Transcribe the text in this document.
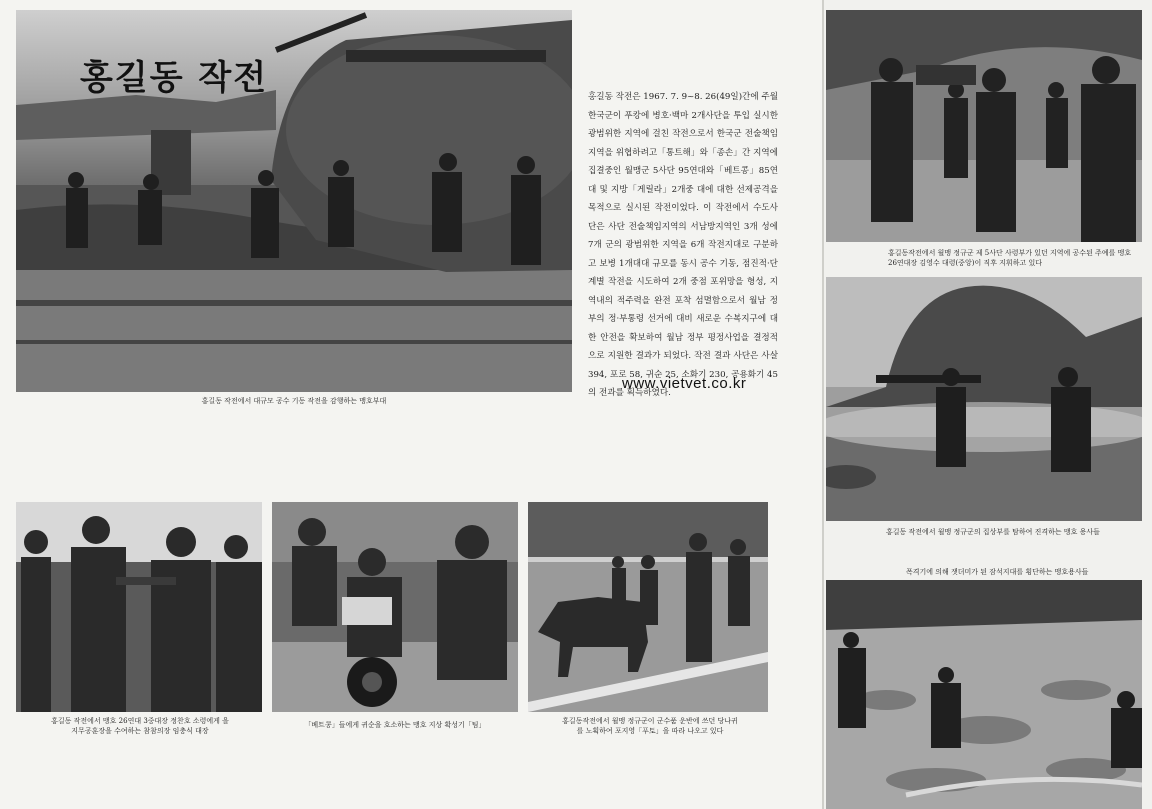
홍길동 작전
홍길동 작전에서 대규모 공수 기동 작전을 감행하는 맹호부대

홍길동 작전은 1967. 7. 9~8. 26(49일)간에 주월한국군이 푸캉에 병호·백마 2개사단을 투입 실시한 광범위한 지역에 걸친 작전으로서 한국군 전술책임지역을 위협하려고「통트해」와「종손」간 지역에 집결중인 월맹군 5사단 95연대와「베트콩」85연대 및 지방「게릴라」2개중 대에 대한 선제공격을 목적으로 실시된 작전이었다. 이 작전에서 수도사단은 사단 전술책임지역의 서남방지역인 3개 성에 7개 군의 광범위한 지역을 6개 작전지대로 구분하고 보병 1개대대 규모를 동시 공수 기동, 점진적·단계별 작전을 시도하여 2개 중점 포위망을 형성, 지역내의 적주력을 완전 포착 섬멸함으로서 월남 정부의 정·부통령 선거에 대비 새로운 수복지구에 대한 안전을 확보하여 월남 정부 평정사업을 결정적으로 지원한 결과가 되었다. 작전 결과 사단은 사살 394, 포로 58, 귀순 25, 소화기 230, 공용화기 45의 전과를 획득하였다.

www.vietvet.co.kr
홍길동 작전에서 맹호 26연대 3중대장 정찬호 소령에게 을지무공훈장을 수여하는 참참의장 임충식 대장
「베트콩」들에게 귀순을 호소하는 맹호 지상 확성기「팀」	홍길동작전에서 월맹 정규군이 군수품 운반에 쓰던 당나귀를 노획하여 포지영「푸토」을 따라 나오고 있다
홍길동작전에서 월맹 정규군 제 5사단 사령부가 있던 지역에 공수된 주예를 맹호 26연대장 김영수 대령(중앙)이 직후 지휘하고 있다
홍길동 작전에서 월맹 정규군의 집상부를 탐하여 진격하는 맹호 용사들
폭격기에 의해 잿더미가 된 잠석지대를 횡단하는 맹호용사들
